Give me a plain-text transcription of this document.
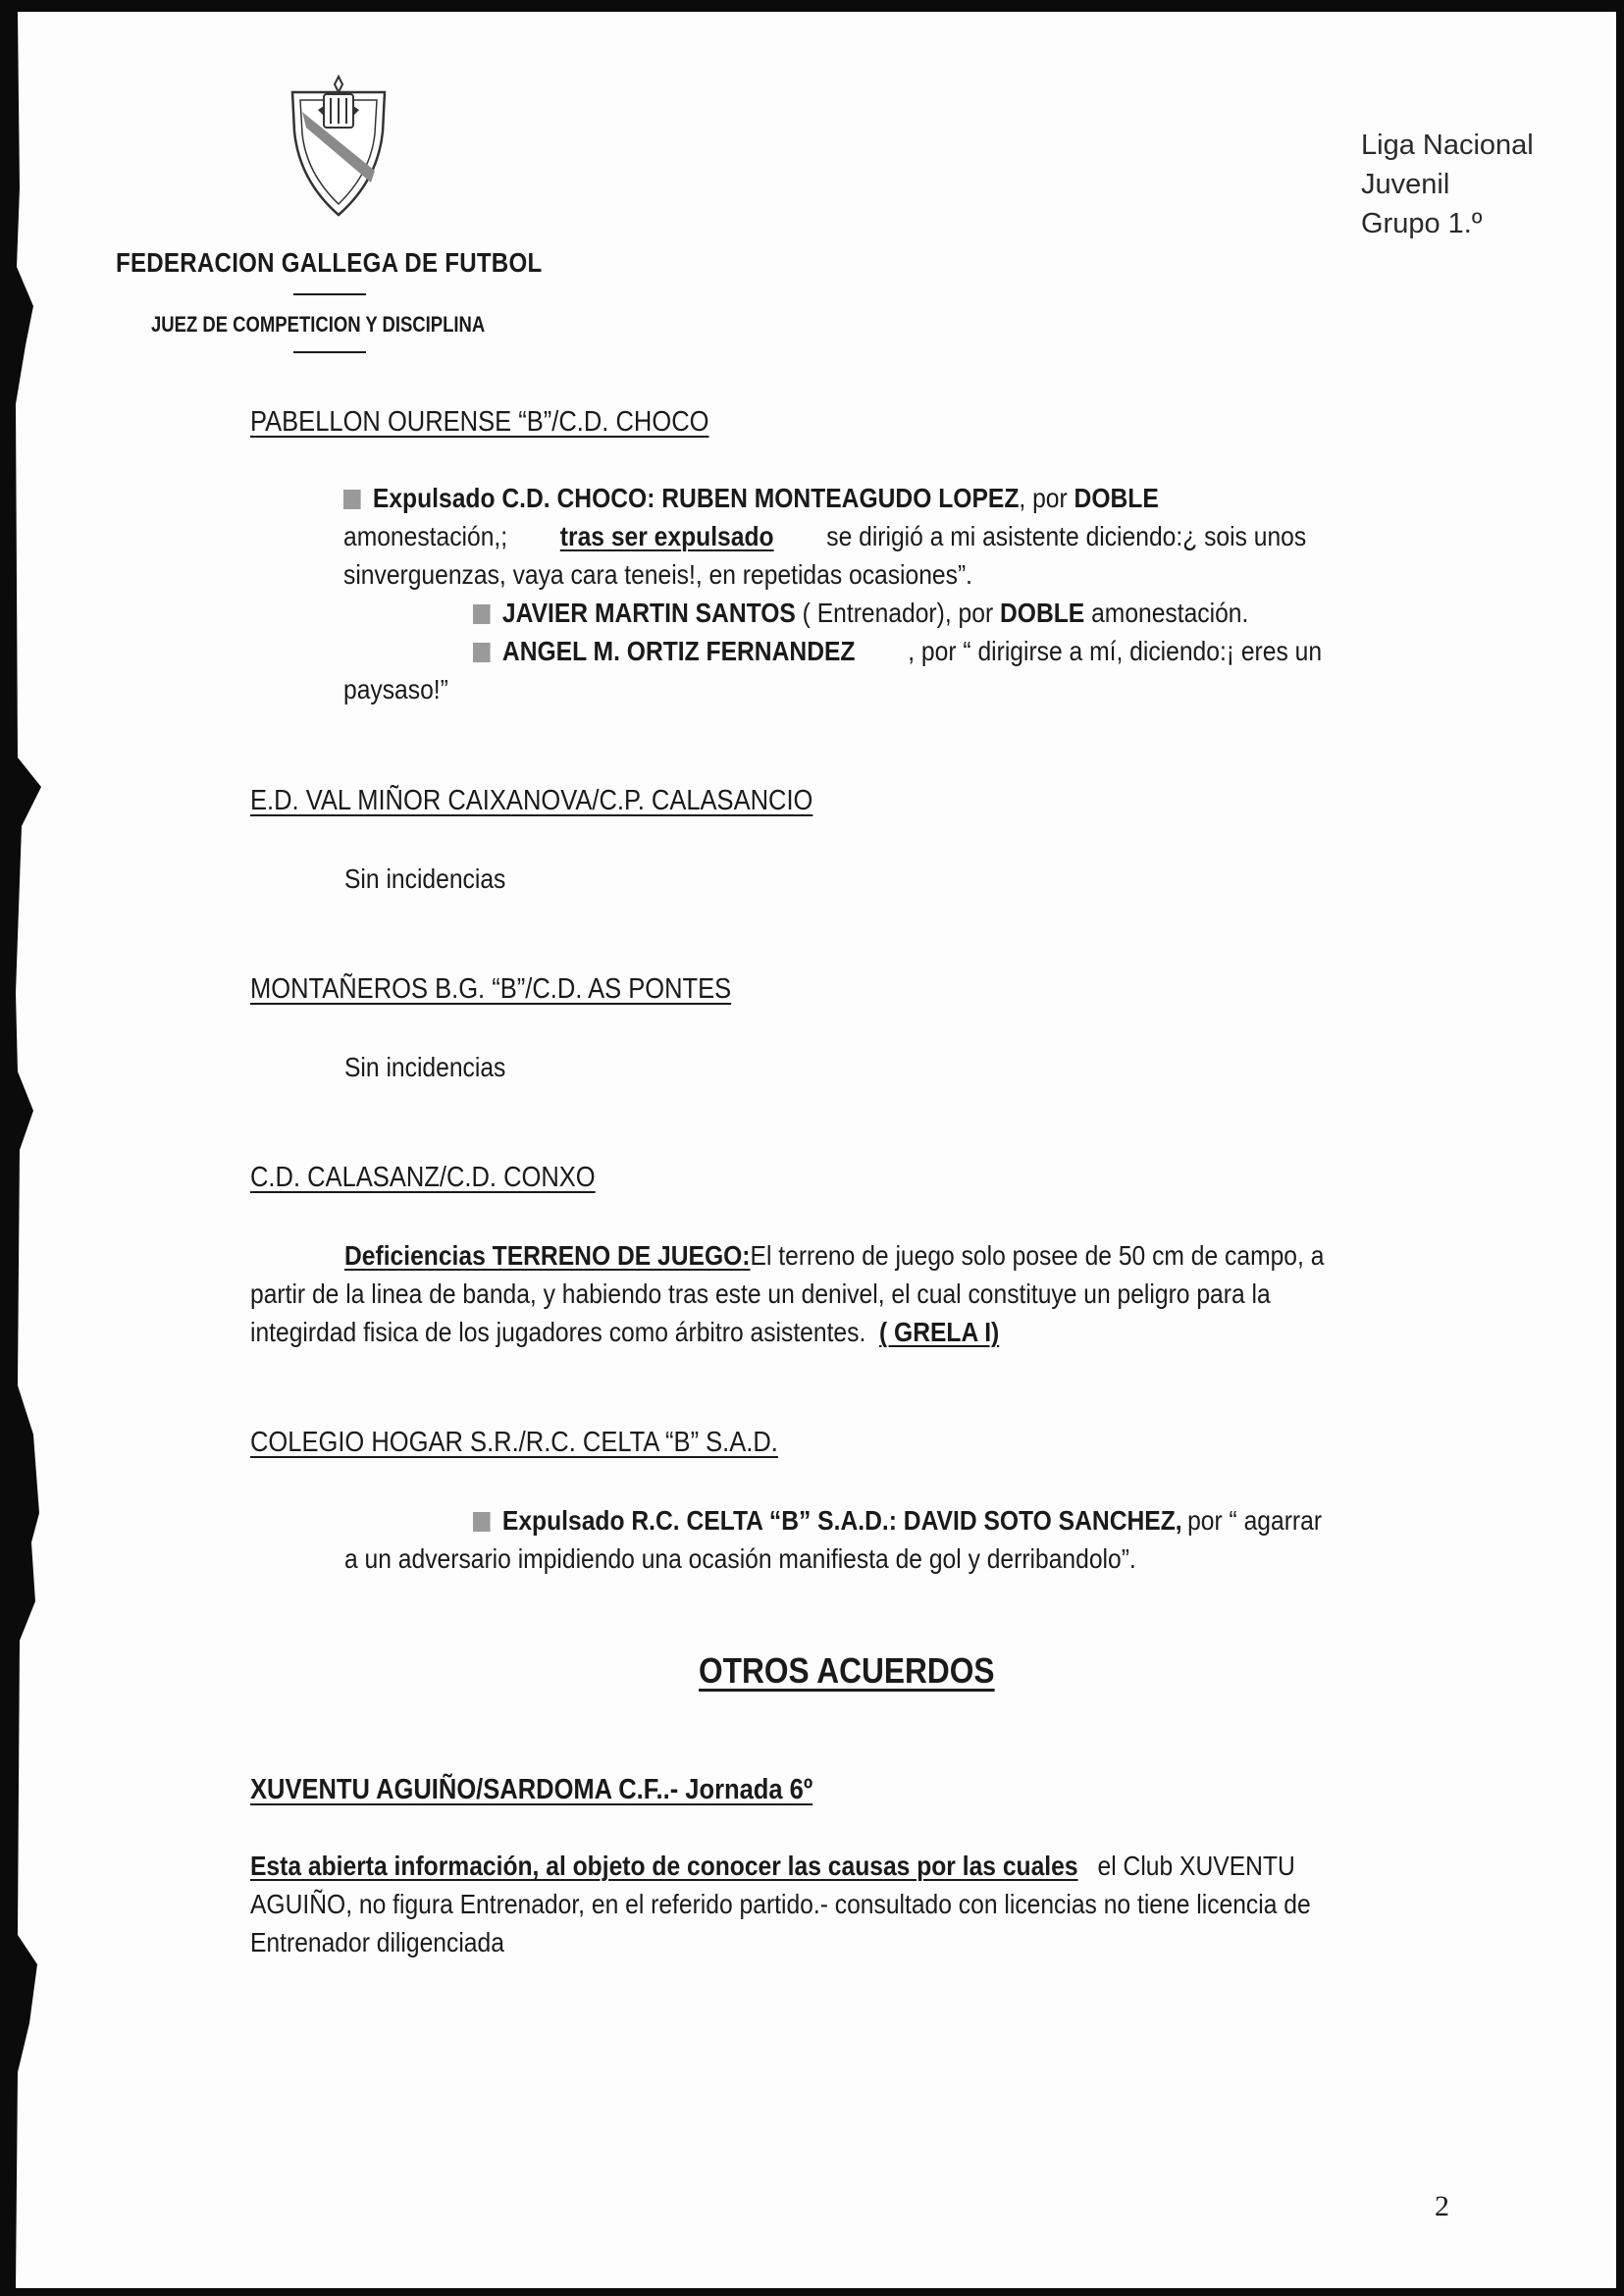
FEDERACION GALLEGA DE FUTBOL
JUEZ DE COMPETICION Y DISCIPLINA
Liga Nacional
Juvenil
Grupo 1.º
PABELLON OURENSE “B”/C.D. CHOCO
Expulsado C.D. CHOCO: RUBEN MONTEAGUDO LOPEZ, por DOBLE
amonestación,; tras ser expulsado se dirigió a mi asistente diciendo:¿ sois unos
sinverguenzas, vaya cara teneis!, en repetidas ocasiones”.
JAVIER MARTIN SANTOS ( Entrenador), por DOBLE amonestación.
ANGEL M. ORTIZ FERNANDEZ , por “ dirigirse a mí, diciendo:¡ eres un
paysaso!”
E.D. VAL MIÑOR CAIXANOVA/C.P. CALASANCIO
Sin incidencias
MONTAÑEROS B.G. “B”/C.D. AS PONTES
Sin incidencias
C.D. CALASANZ/C.D. CONXO
Deficiencias TERRENO DE JUEGO: El terreno de juego solo posee de 50 cm de campo, a
partir de la linea de banda, y habiendo tras este un denivel, el cual constituye un peligro para la
integirdad fisica de los jugadores como árbitro asistentes. ( GRELA I)
COLEGIO HOGAR S.R./R.C. CELTA “B” S.A.D.
Expulsado R.C. CELTA “B” S.A.D.: DAVID SOTO SANCHEZ, por “ agarrar
a un adversario impidiendo una ocasión manifiesta de gol y derribandolo”.
OTROS ACUERDOS
XUVENTU AGUIÑO/SARDOMA C.F..- Jornada 6º
Esta abierta información, al objeto de conocer las causas por las cuales el Club XUVENTU
AGUIÑO, no figura Entrenador, en el referido partido.- consultado con licencias no tiene licencia de
Entrenador diligenciada
2
